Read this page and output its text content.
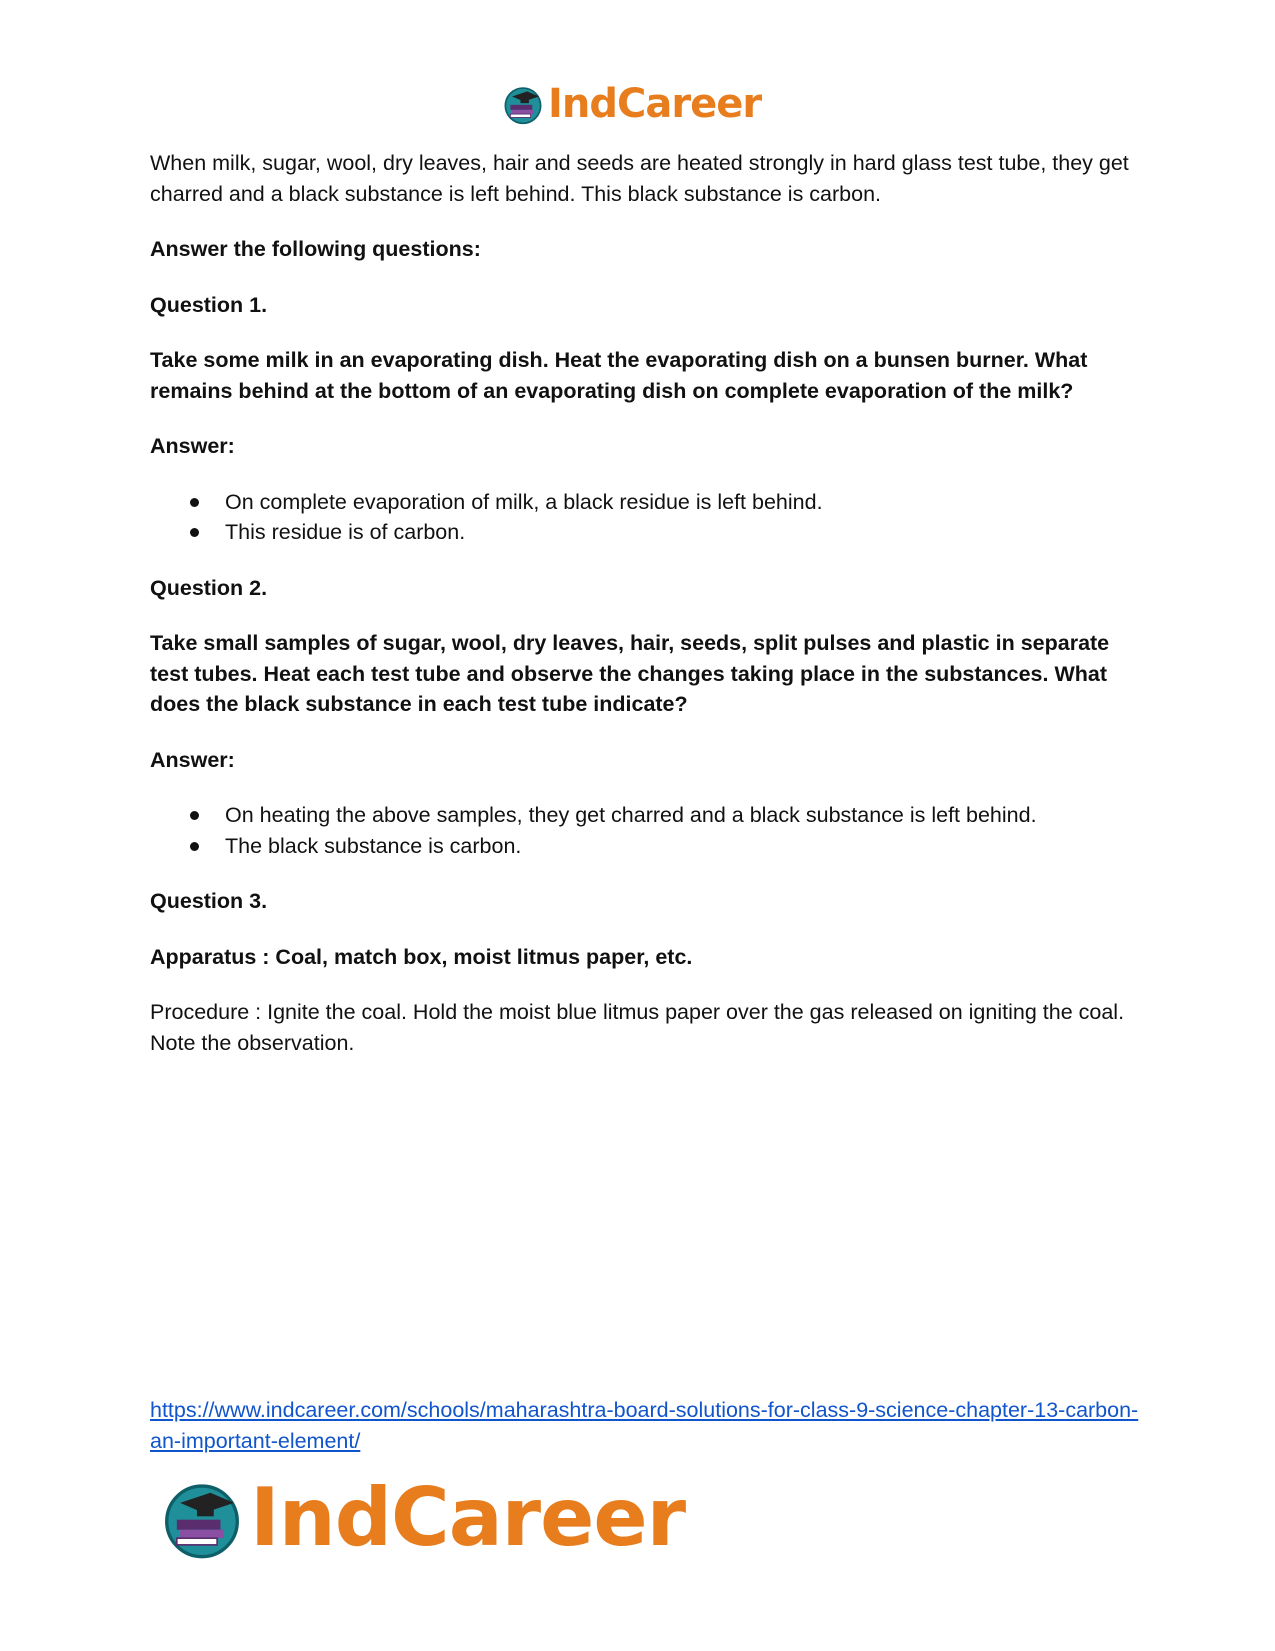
IndCareer

When milk, sugar, wool, dry leaves, hair and seeds are heated strongly in hard glass test tube, they get charred and a black substance is left behind. This black substance is carbon.

Answer the following questions:

Question 1.

Take some milk in an evaporating dish. Heat the evaporating dish on a bunsen burner. What remains behind at the bottom of an evaporating dish on complete evaporation of the milk?

Answer:

On complete evaporation of milk, a black residue is left behind.
This residue is of carbon.

Question 2.

Take small samples of sugar, wool, dry leaves, hair, seeds, split pulses and plastic in separate test tubes. Heat each test tube and observe the changes taking place in the substances. What does the black substance in each test tube indicate?

Answer:

On heating the above samples, they get charred and a black substance is left behind.
The black substance is carbon.

Question 3.

Apparatus : Coal, match box, moist litmus paper, etc.

Procedure : Ignite the coal. Hold the moist blue litmus paper over the gas released on igniting the coal. Note the observation.

https://www.indcareer.com/schools/maharashtra-board-solutions-for-class-9-science-chapter-13-carbon-an-important-element/
IndCareer
